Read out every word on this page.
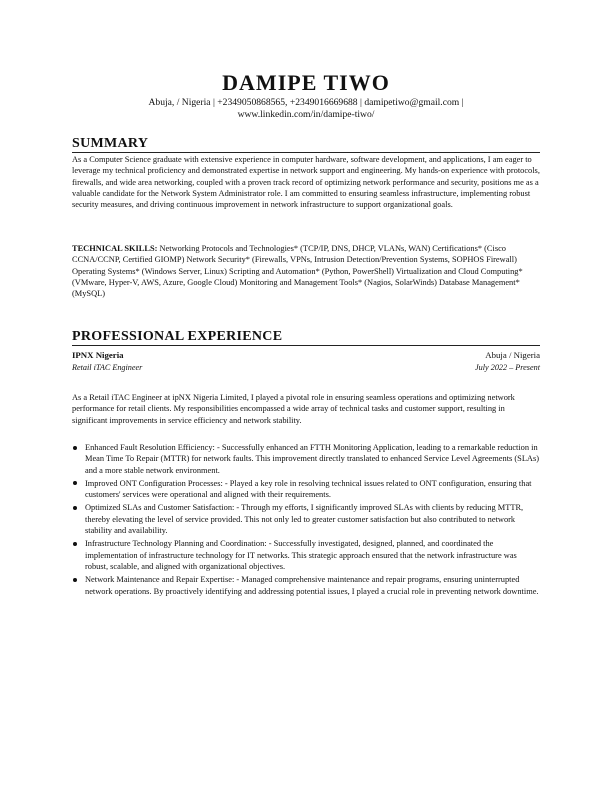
DAMIPE TIWO
Abuja, / Nigeria | +2349050868565, +2349016669688 | damipetiwo@gmail.com |
www.linkedin.com/in/damipe-tiwo/
SUMMARY
As a Computer Science graduate with extensive experience in computer hardware, software development, and applications, I am eager to leverage my technical proficiency and demonstrated expertise in network support and engineering. My hands-on experience with protocols, firewalls, and wide area networking, coupled with a proven track record of optimizing network performance and security, positions me as a valuable candidate for the Network System Administrator role. I am committed to ensuring seamless infrastructure, implementing robust security measures, and driving continuous improvement in network infrastructure to support organizational goals.
TECHNICAL SKILLS: Networking Protocols and Technologies* (TCP/IP, DNS, DHCP, VLANs, WAN) Certifications* (Cisco CCNA/CCNP, Certified GIOMP) Network Security* (Firewalls, VPNs, Intrusion Detection/Prevention Systems, SOPHOS Firewall) Operating Systems* (Windows Server, Linux) Scripting and Automation* (Python, PowerShell) Virtualization and Cloud Computing* (VMware, Hyper-V, AWS, Azure, Google Cloud) Monitoring and Management Tools* (Nagios, SolarWinds) Database Management* (MySQL)
PROFESSIONAL EXPERIENCE
IPNX Nigeria	Abuja / Nigeria
Retail iTAC Engineer	July 2022 – Present
As a Retail iTAC Engineer at ipNX Nigeria Limited, I played a pivotal role in ensuring seamless operations and optimizing network performance for retail clients. My responsibilities encompassed a wide array of technical tasks and customer support, resulting in significant improvements in service efficiency and network stability.
Enhanced Fault Resolution Efficiency: - Successfully enhanced an FTTH Monitoring Application, leading to a remarkable reduction in Mean Time To Repair (MTTR) for network faults. This improvement directly translated to enhanced Service Level Agreements (SLAs) and a more stable network environment.
Improved ONT Configuration Processes: - Played a key role in resolving technical issues related to ONT configuration, ensuring that customers' services were operational and aligned with their requirements.
Optimized SLAs and Customer Satisfaction: - Through my efforts, I significantly improved SLAs with clients by reducing MTTR, thereby elevating the level of service provided. This not only led to greater customer satisfaction but also contributed to network stability and availability.
Infrastructure Technology Planning and Coordination: - Successfully investigated, designed, planned, and coordinated the implementation of infrastructure technology for IT networks. This strategic approach ensured that the network infrastructure was robust, scalable, and aligned with organizational objectives.
Network Maintenance and Repair Expertise: - Managed comprehensive maintenance and repair programs, ensuring uninterrupted network operations. By proactively identifying and addressing potential issues, I played a crucial role in preventing network downtime.
